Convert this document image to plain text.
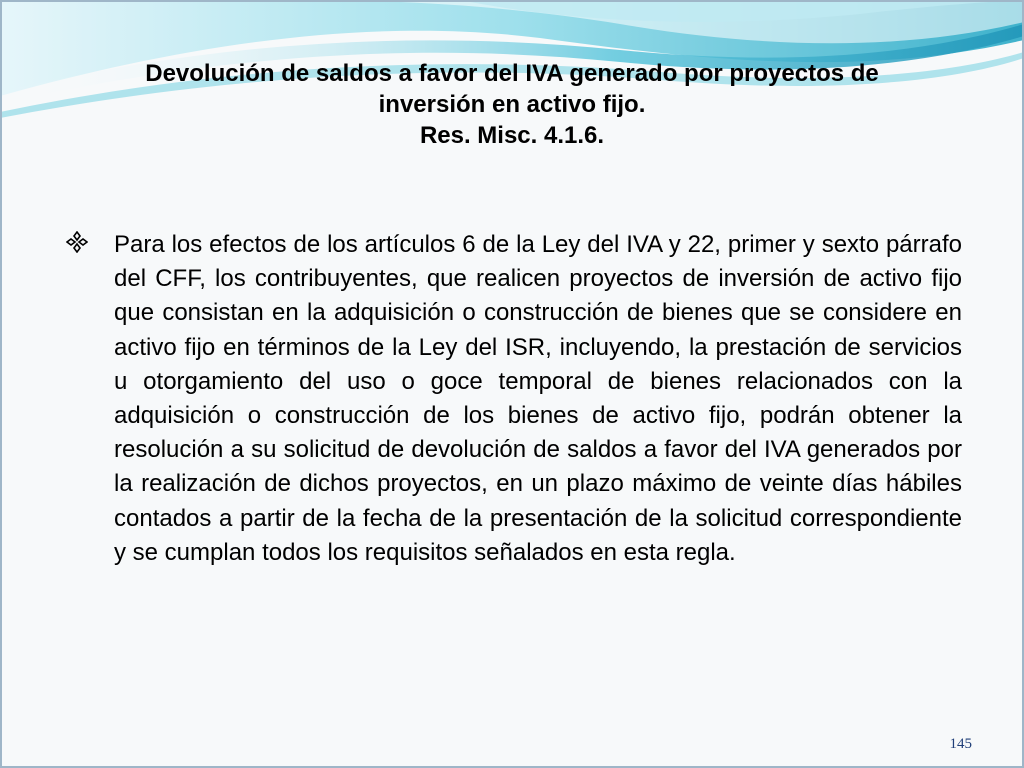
Devolución de saldos a favor del IVA generado por proyectos de
inversión en activo fijo.
Res. Misc. 4.1.6.

Para los efectos de los artículos 6 de la Ley del IVA y 22, primer y sexto párrafo del CFF, los contribuyentes, que realicen proyectos de inversión de activo fijo que consistan en la adquisición o construcción de bienes que se considere en activo fijo en términos de la Ley del ISR, incluyendo, la prestación de servicios u otorgamiento del uso o goce temporal de bienes relacionados con la adquisición o construcción de los bienes de activo fijo, podrán obtener la resolución a su solicitud de devolución de saldos a favor del IVA generados por la realización de dichos proyectos, en un plazo máximo de veinte días hábiles contados a partir de la fecha de la presentación de la solicitud correspondiente y se cumplan todos los requisitos señalados en esta regla.

145
